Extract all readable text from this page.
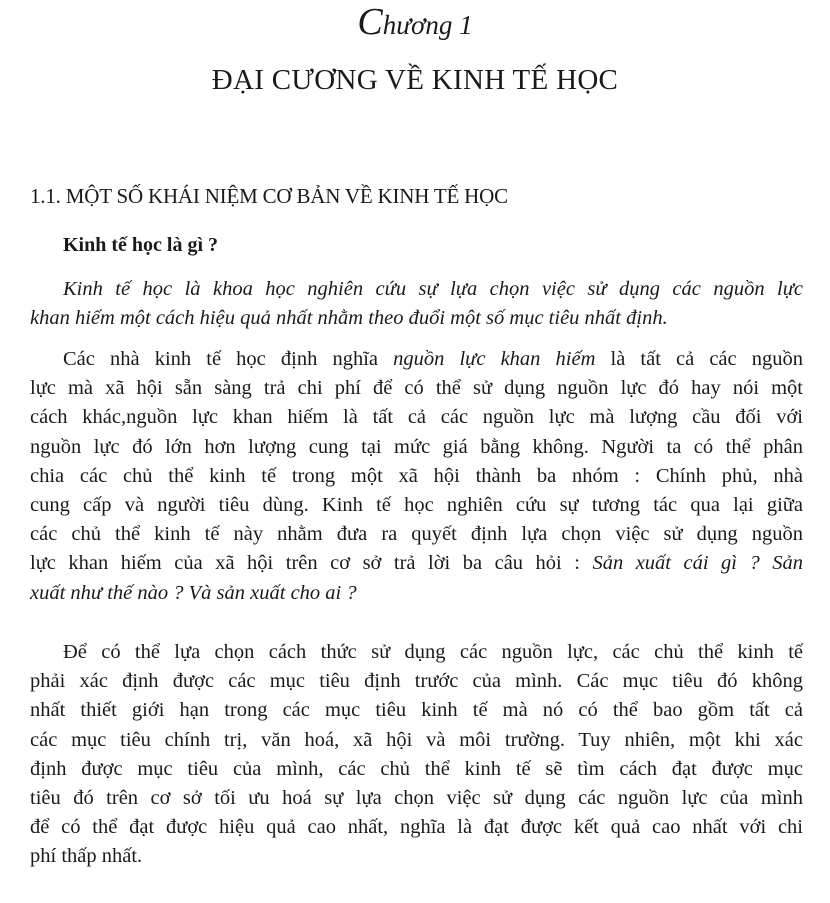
Chương 1
ĐẠI CƯƠNG VỀ KINH TẾ HỌC
1.1. MỘT SỐ KHÁI NIỆM CƠ BẢN VỀ KINH TẾ HỌC
Kinh tế học là gì ?
Kinh tế học là khoa học nghiên cứu sự lựa chọn việc sử dụng các nguồn lực
khan hiếm một cách hiệu quả nhất nhằm theo đuổi một số mục tiêu nhất định.
Các nhà kinh tế học định nghĩa nguồn lực khan hiếm là tất cả các nguồn
lực mà xã hội sẵn sàng trả chi phí để có thể sử dụng nguồn lực đó hay nói một
cách khác,nguồn lực khan hiếm là tất cả các nguồn lực mà lượng cầu đối với
nguồn lực đó lớn hơn lượng cung tại mức giá bằng không. Người ta có thể phân
chia các chủ thể kinh tế trong một xã hội thành ba nhóm : Chính phủ, nhà
cung cấp và người tiêu dùng. Kinh tế học nghiên cứu sự tương tác qua lại giữa
các chủ thể kinh tế này nhằm đưa ra quyết định lựa chọn việc sử dụng nguồn
lực khan hiếm của xã hội trên cơ sở trả lời ba câu hỏi : Sản xuất cái gì ? Sản
xuất như thế nào ? Và sản xuất cho ai ?
Để có thể lựa chọn cách thức sử dụng các nguồn lực, các chủ thể kinh tế
phải xác định được các mục tiêu định trước của mình. Các mục tiêu đó không
nhất thiết giới hạn trong các mục tiêu kinh tế mà nó có thể bao gồm tất cả
các mục tiêu chính trị, văn hoá, xã hội và môi trường. Tuy nhiên, một khi xác
định được mục tiêu của mình, các chủ thể kinh tế sẽ tìm cách đạt được mục
tiêu đó trên cơ sở tối ưu hoá sự lựa chọn việc sử dụng các nguồn lực của mình
để có thể đạt được hiệu quả cao nhất, nghĩa là đạt được kết quả cao nhất với chi
phí thấp nhất.
